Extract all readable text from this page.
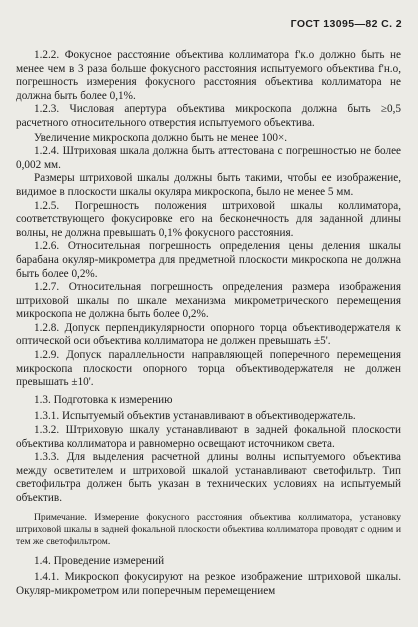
ГОСТ 13095—82 С. 2

1.2.2. Фокусное расстояние объектива коллиматора f'к.о должно быть не менее чем в 3 раза больше фокусного расстояния испытуемого объектива f'н.о, погрешность измерения фокусного расстояния объектива коллиматора не должна быть более 0,1%.

1.2.3. Числовая апертура объектива микроскопа должна быть ≥0,5 расчетного относительного отверстия испытуемого объектива.

Увеличение микроскопа должно быть не менее 100×.

1.2.4. Штриховая шкала должна быть аттестована с погрешностью не более 0,002 мм.

Размеры штриховой шкалы должны быть такими, чтобы ее изображение, видимое в плоскости шкалы окуляра микроскопа, было не менее 5 мм.

1.2.5. Погрешность положения штриховой шкалы коллиматора, соответствующего фокусировке его на бесконечность для заданной длины волны, не должна превышать 0,1% фокусного расстояния.

1.2.6. Относительная погрешность определения цены деления шкалы барабана окуляр-микрометра для предметной плоскости микроскопа не должна быть более 0,2%.

1.2.7. Относительная погрешность определения размера изображения штриховой шкалы по шкале механизма микрометрического перемещения микроскопа не должна быть более 0,2%.

1.2.8. Допуск перпендикулярности опорного торца объективодержателя к оптической оси объектива коллиматора не должен превышать ±5'.

1.2.9. Допуск параллельности направляющей поперечного перемещения микроскопа плоскости опорного торца объективодержателя не должен превышать ±10'.

1.3. Подготовка к измерению

1.3.1. Испытуемый объектив устанавливают в объективодержатель.

1.3.2. Штриховую шкалу устанавливают в задней фокальной плоскости объектива коллиматора и равномерно освещают источником света.

1.3.3. Для выделения расчетной длины волны испытуемого объектива между осветителем и штриховой шкалой устанавливают светофильтр. Тип светофильтра должен быть указан в технических условиях на испытуемый объектив.

Примечание. Измерение фокусного расстояния объектива коллиматора, установку штриховой шкалы в задней фокальной плоскости объектива коллиматора проводят с одним и тем же светофильтром.

1.4. Проведение измерений

1.4.1. Микроскоп фокусируют на резкое изображение штриховой шкалы. Окуляр-микрометром или поперечным перемещением
